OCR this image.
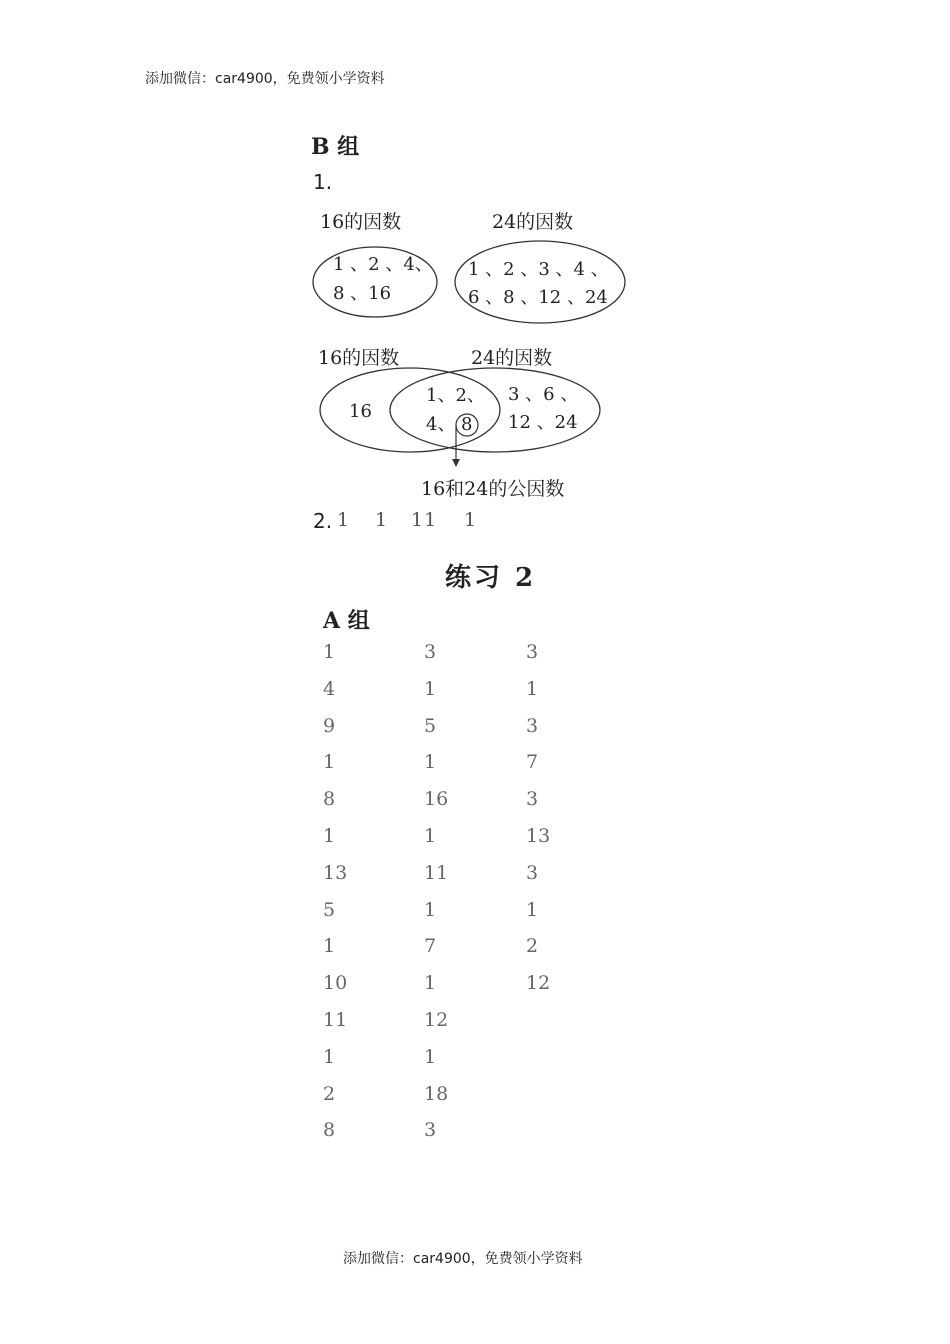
添加微信：car4900，免费领小学资料
添加微信：car4900，免费领小学资料
B 组
1.
16的因数	24的因数
1 、2 、4、
8 、16
1 、2 、3 、4 、
6 、8 、12 、24
16的因数	24的因数
16
1、2、
4、 8
3 、6 、
12 、24
16和24的公因数
2. 1 1 11 1
练习 2
A 组
1	3	3
4	1	1
9	5	3
1	1	7
8	16	3
1	1	13
13	11	3
5	1	1
1	7	2
10	1	12
11	12
1	1
2	18
8	3
